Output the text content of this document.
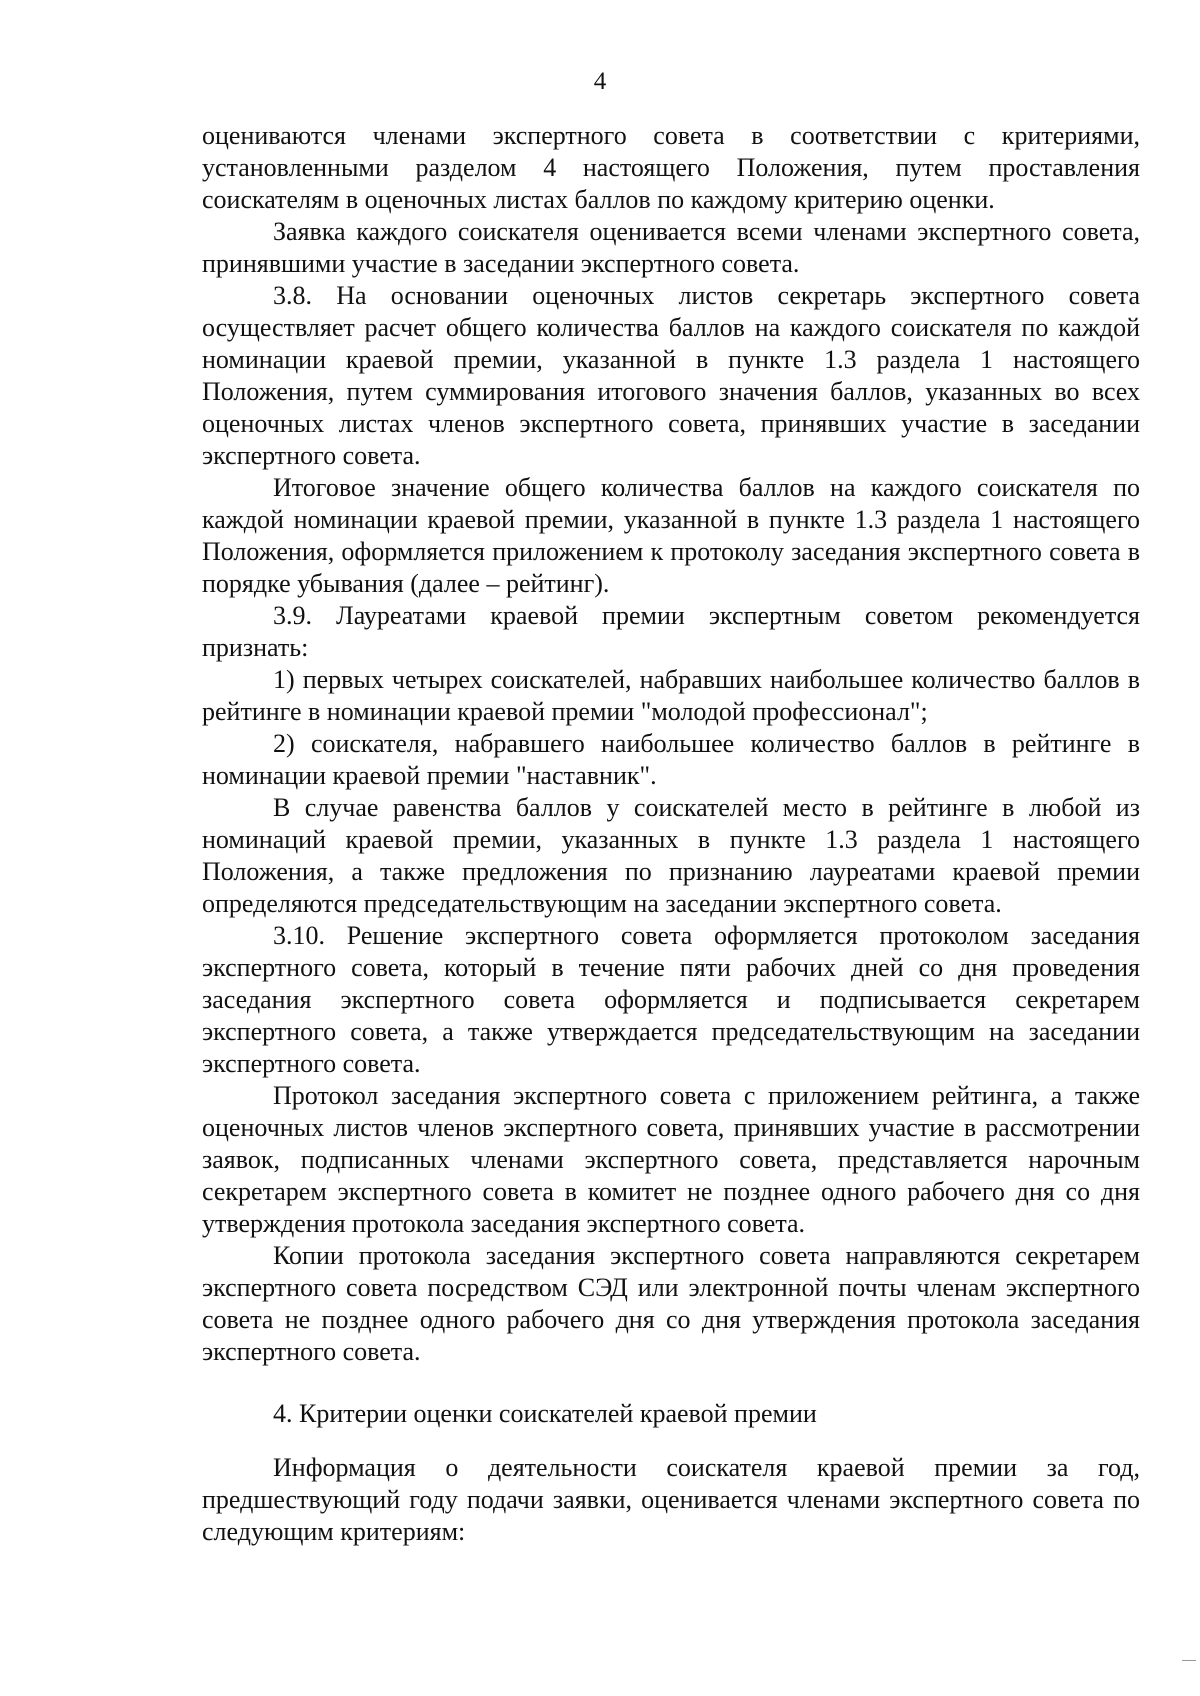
4

оцениваются членами экспертного совета в соответствии с критериями, установленными разделом 4 настоящего Положения, путем проставления соискателям в оценочных листах баллов по каждому критерию оценки.

Заявка каждого соискателя оценивается всеми членами экспертного совета, принявшими участие в заседании экспертного совета.

3.8. На основании оценочных листов секретарь экспертного совета осуществляет расчет общего количества баллов на каждого соискателя по каждой номинации краевой премии, указанной в пункте 1.3 раздела 1 настоящего Положения, путем суммирования итогового значения баллов, указанных во всех оценочных листах членов экспертного совета, принявших участие в заседании экспертного совета.

Итоговое значение общего количества баллов на каждого соискателя по каждой номинации краевой премии, указанной в пункте 1.3 раздела 1 настоящего Положения, оформляется приложением к протоколу заседания экспертного совета в порядке убывания (далее – рейтинг).

3.9. Лауреатами краевой премии экспертным советом рекомендуется признать:

1) первых четырех соискателей, набравших наибольшее количество баллов в рейтинге в номинации краевой премии "молодой профессионал";

2) соискателя, набравшего наибольшее количество баллов в рейтинге в номинации краевой премии "наставник".

В случае равенства баллов у соискателей место в рейтинге в любой из номинаций краевой премии, указанных в пункте 1.3 раздела 1 настоящего Положения, а также предложения по признанию лауреатами краевой премии определяются председательствующим на заседании экспертного совета.

3.10. Решение экспертного совета оформляется протоколом заседания экспертного совета, который в течение пяти рабочих дней со дня проведения заседания экспертного совета оформляется и подписывается секретарем экспертного совета, а также утверждается председательствующим на заседании экспертного совета.

Протокол заседания экспертного совета с приложением рейтинга, а также оценочных листов членов экспертного совета, принявших участие в рассмотрении заявок, подписанных членами экспертного совета, представляется нарочным секретарем экспертного совета в комитет не позднее одного рабочего дня со дня утверждения протокола заседания экспертного совета.

Копии протокола заседания экспертного совета направляются секретарем экспертного совета посредством СЭД или электронной почты членам экспертного совета не позднее одного рабочего дня со дня утверждения протокола заседания экспертного совета.

4. Критерии оценки соискателей краевой премии

Информация о деятельности соискателя краевой премии за год, предшествующий году подачи заявки, оценивается членами экспертного совета по следующим критериям:
